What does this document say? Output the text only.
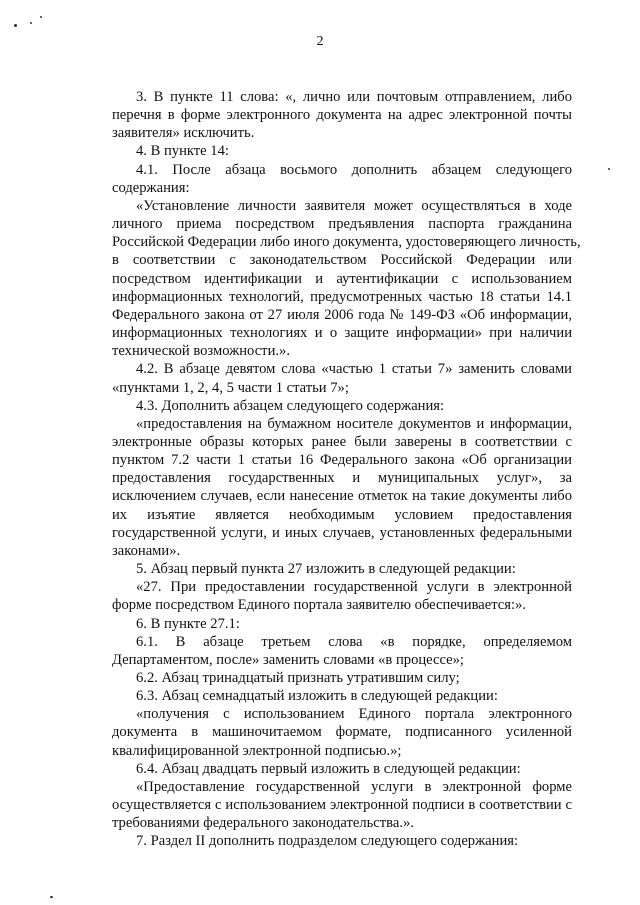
2
3. В пункте 11 слова: «, лично или почтовым отправлением, либо
перечня в форме электронного документа на адрес электронной почты
заявителя» исключить.
4. В пункте 14:
4.1. После абзаца восьмого дополнить абзацем следующего
содержания:
«Установление личности заявителя может осуществляться в ходе
личного приема посредством предъявления паспорта гражданина
Российской Федерации либо иного документа, удостоверяющего личность,
в соответствии с законодательством Российской Федерации или
посредством идентификации и аутентификации с использованием
информационных технологий, предусмотренных частью 18 статьи 14.1
Федерального закона от 27 июля 2006 года № 149-ФЗ «Об информации,
информационных технологиях и о защите информации» при наличии
технической возможности.».
4.2. В абзаце девятом слова «частью 1 статьи 7» заменить словами
«пунктами 1, 2, 4, 5 части 1 статьи 7»;
4.3. Дополнить абзацем следующего содержания:
«предоставления на бумажном носителе документов и информации,
электронные образы которых ранее были заверены в соответствии с
пунктом 7.2 части 1 статьи 16 Федерального закона «Об организации
предоставления государственных и муниципальных услуг», за
исключением случаев, если нанесение отметок на такие документы либо
их изъятие является необходимым условием предоставления
государственной услуги, и иных случаев, установленных федеральными
законами».
5. Абзац первый пункта 27 изложить в следующей редакции:
«27. При предоставлении государственной услуги в электронной
форме посредством Единого портала заявителю обеспечивается:».
6. В пункте 27.1:
6.1. В абзаце третьем слова «в порядке, определяемом
Департаментом, после» заменить словами «в процессе»;
6.2. Абзац тринадцатый признать утратившим силу;
6.3. Абзац семнадцатый изложить в следующей редакции:
«получения с использованием Единого портала электронного
документа в машиночитаемом формате, подписанного усиленной
квалифицированной электронной подписью.»;
6.4. Абзац двадцать первый изложить в следующей редакции:
«Предоставление государственной услуги в электронной форме
осуществляется с использованием электронной подписи в соответствии с
требованиями федерального законодательства.».
7. Раздел II дополнить подразделом следующего содержания:
